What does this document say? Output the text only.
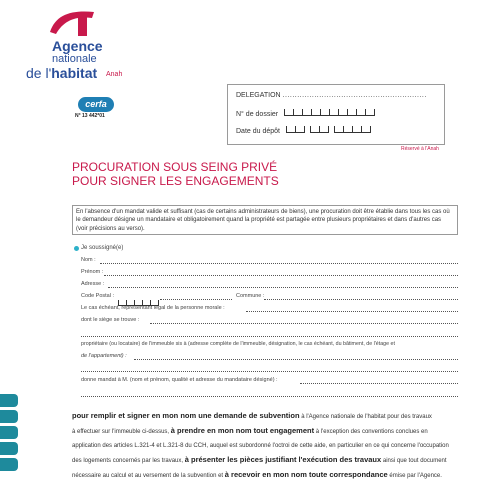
Agence
nationale
de l'habitat Anah
cerfa
N° 13 442*01
DELEGATION ...........................................................
N° de dossier
Date du dépôt
Réservé à l'Anah
PROCURATION SOUS SEING PRIVÉ
POUR SIGNER LES ENGAGEMENTS
En l'absence d'un mandat valide et suffisant (cas de certains administrateurs de biens), une procuration doit être établie dans tous les cas où le demandeur désigne un mandataire et obligatoirement quand la propriété est partagée entre plusieurs propriétaires et dans d'autres cas (voir précisions au verso).
Je soussigné(e)
Nom :
Prénom :
Adresse :
Code Postal :	Commune :
Le cas échéant, représentant légal de la personne morale :
dont le siège se trouve :
propriétaire (ou locataire) de l'immeuble sis à (adresse complète de l'immeuble, désignation, le cas échéant, du bâtiment, de l'étage et
de l'appartement) :
donne mandat à M. (nom et prénom, qualité et adresse du mandataire désigné) :
pour remplir et signer en mon nom une demande de subvention à l'Agence nationale de l'habitat pour des travaux
à effectuer sur l'immeuble ci-dessus, à prendre en mon nom tout engagement à l'exception des conventions conclues en
application des articles L.321-4 et L.321-8 du CCH, auquel est subordonné l'octroi de cette aide, en particulier en ce qui concerne l'occupation
des logements concernés par les travaux, à présenter les pièces justifiant l'exécution des travaux ainsi que tout document
nécessaire au calcul et au versement de la subvention et à recevoir en mon nom toute correspondance émise par l'Agence.
